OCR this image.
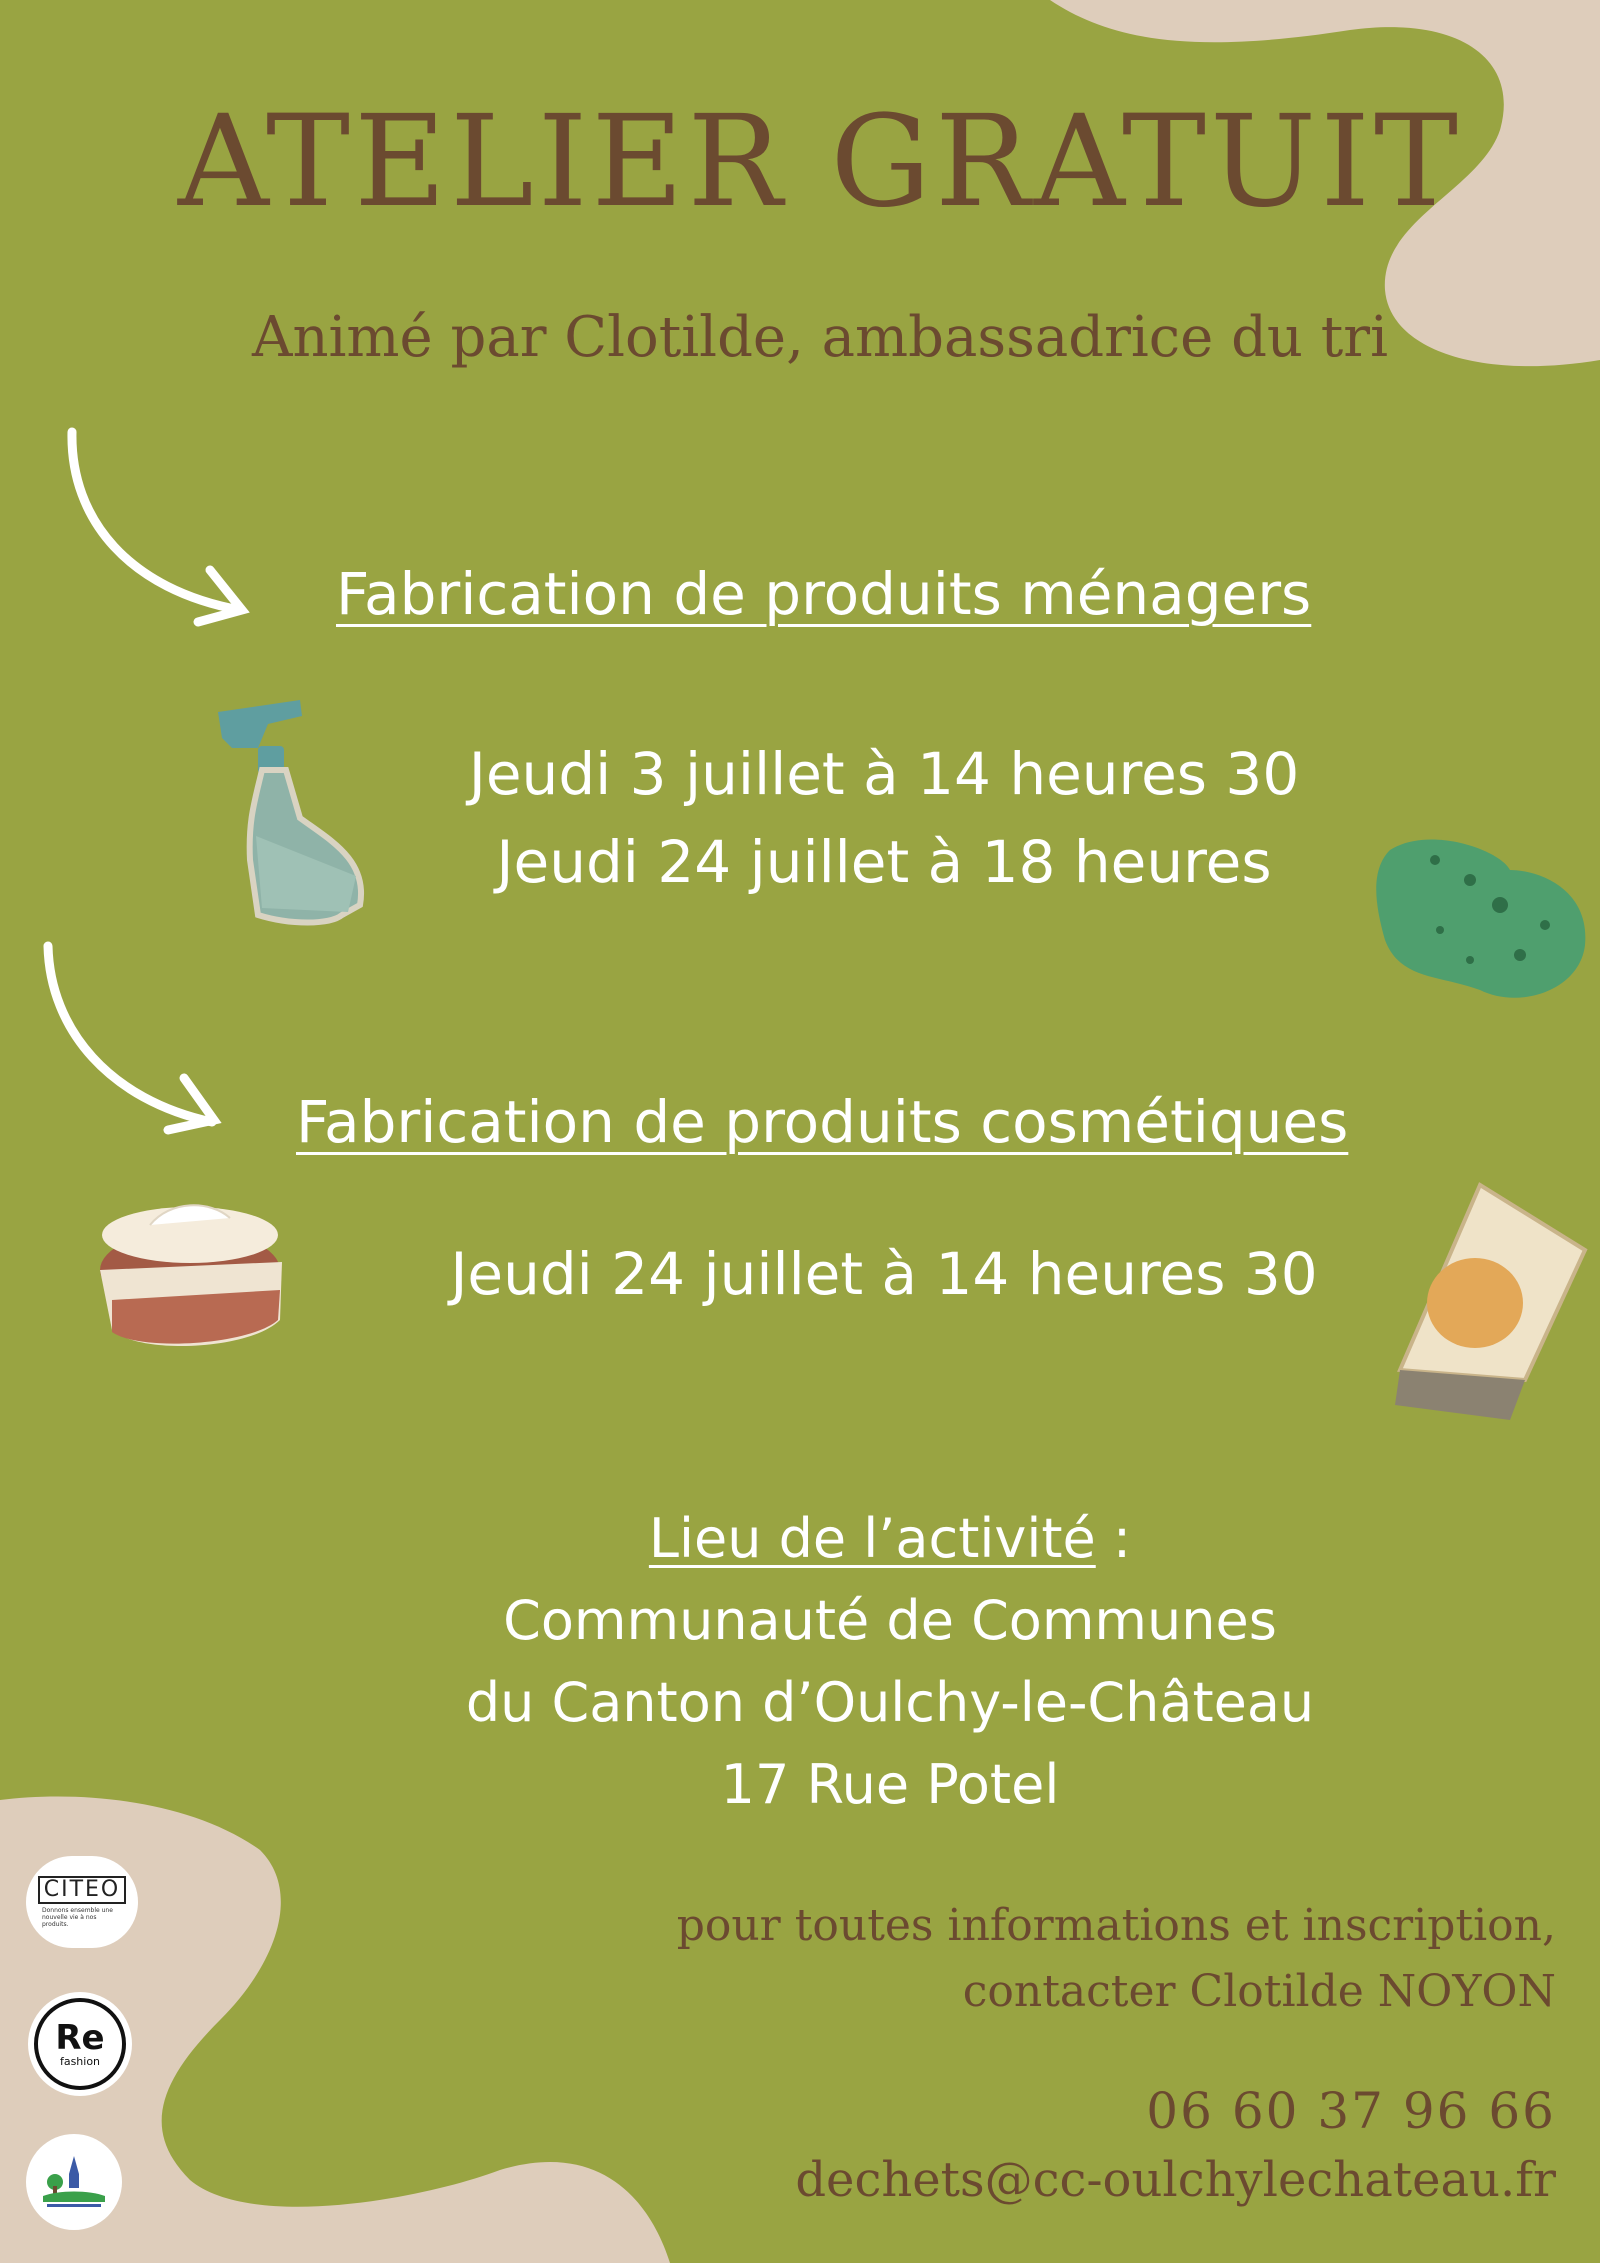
ATELIER GRATUIT
Animé par Clotilde, ambassadrice du tri
Fabrication de produits ménagers
Jeudi 3 juillet à 14 heures 30
Jeudi 24 juillet à 18 heures
Fabrication de produits cosmétiques
Jeudi 24 juillet à 14 heures 30
Lieu de l’activité :
Communauté de Communes
du Canton d’Oulchy-le-Château
17 Rue Potel
pour toutes informations et inscription,
contacter Clotilde NOYON
06 60 37 96 66
dechets@cc-oulchylechateau.fr
CITEO
Donnons ensemble une nouvelle vie à nos produits.
Re
fashion
